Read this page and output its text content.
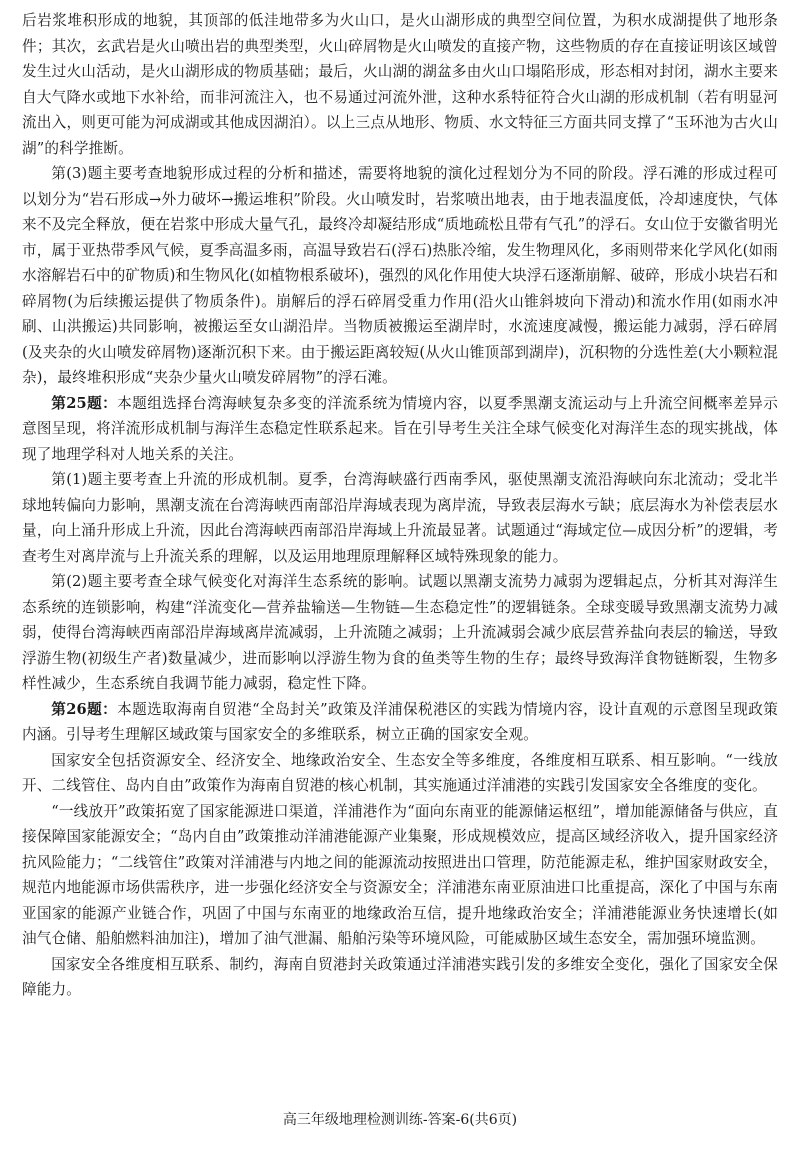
后岩浆堆积形成的地貌，其顶部的低洼地带多为火山口，是火山湖形成的典型空间位置，为积水成湖提供了地形条件；其次，玄武岩是火山喷出岩的典型类型，火山碎屑物是火山喷发的直接产物，这些物质的存在直接证明该区域曾发生过火山活动，是火山湖形成的物质基础；最后，火山湖的湖盆多由火山口塌陷形成，形态相对封闭，湖水主要来自大气降水或地下水补给，而非河流注入，也不易通过河流外泄，这种水系特征符合火山湖的形成机制（若有明显河流出入，则更可能为河成湖或其他成因湖泊）。以上三点从地形、物质、水文特征三方面共同支撑了“玉环池为古火山湖”的科学推断。

第(3)题主要考查地貌形成过程的分析和描述，需要将地貌的演化过程划分为不同的阶段。浮石滩的形成过程可以划分为“岩石形成→外力破坏→搬运堆积”阶段。火山喷发时，岩浆喷出地表，由于地表温度低，冷却速度快，气体来不及完全释放，便在岩浆中形成大量气孔，最终冷却凝结形成“质地疏松且带有气孔”的浮石。女山位于安徽省明光市，属于亚热带季风气候，夏季高温多雨，高温导致岩石(浮石)热胀冷缩，发生物理风化，多雨则带来化学风化(如雨水溶解岩石中的矿物质)和生物风化(如植物根系破坏)，强烈的风化作用使大块浮石逐渐崩解、破碎，形成小块岩石和碎屑物(为后续搬运提供了物质条件)。崩解后的浮石碎屑受重力作用(沿火山锥斜坡向下滑动)和流水作用(如雨水冲刷、山洪搬运)共同影响，被搬运至女山湖沿岸。当物质被搬运至湖岸时，水流速度减慢，搬运能力减弱，浮石碎屑(及夹杂的火山喷发碎屑物)逐渐沉积下来。由于搬运距离较短(从火山锥顶部到湖岸)，沉积物的分选性差(大小颗粒混杂)，最终堆积形成“夹杂少量火山喷发碎屑物”的浮石滩。

第25题：本题组选择台湾海峡复杂多变的洋流系统为情境内容，以夏季黑潮支流运动与上升流空间概率差异示意图呈现，将洋流形成机制与海洋生态稳定性联系起来。旨在引导考生关注全球气候变化对海洋生态的现实挑战，体现了地理学科对人地关系的关注。

第(1)题主要考查上升流的形成机制。夏季，台湾海峡盛行西南季风，驱使黑潮支流沿海峡向东北流动；受北半球地转偏向力影响，黑潮支流在台湾海峡西南部沿岸海域表现为离岸流，导致表层海水亏缺；底层海水为补偿表层水量，向上涌升形成上升流，因此台湾海峡西南部沿岸海域上升流最显著。试题通过“海域定位—成因分析”的逻辑，考查考生对离岸流与上升流关系的理解，以及运用地理原理解释区域特殊现象的能力。

第(2)题主要考查全球气候变化对海洋生态系统的影响。试题以黑潮支流势力减弱为逻辑起点，分析其对海洋生态系统的连锁影响，构建“洋流变化—营养盐输送—生物链—生态稳定性”的逻辑链条。全球变暖导致黑潮支流势力减弱，使得台湾海峡西南部沿岸海域离岸流减弱，上升流随之减弱；上升流减弱会减少底层营养盐向表层的输送，导致浮游生物(初级生产者)数量减少，进而影响以浮游生物为食的鱼类等生物的生存；最终导致海洋食物链断裂，生物多样性减少，生态系统自我调节能力减弱，稳定性下降。

第26题：本题选取海南自贸港“全岛封关”政策及洋浦保税港区的实践为情境内容，设计直观的示意图呈现政策内涵。引导考生理解区域政策与国家安全的多维联系，树立正确的国家安全观。

国家安全包括资源安全、经济安全、地缘政治安全、生态安全等多维度，各维度相互联系、相互影响。“一线放开、二线管住、岛内自由”政策作为海南自贸港的核心机制，其实施通过洋浦港的实践引发国家安全各维度的变化。

“一线放开”政策拓宽了国家能源进口渠道，洋浦港作为“面向东南亚的能源储运枢纽”，增加能源储备与供应，直接保障国家能源安全；“岛内自由”政策推动洋浦港能源产业集聚，形成规模效应，提高区域经济收入，提升国家经济抗风险能力；“二线管住”政策对洋浦港与内地之间的能源流动按照进出口管理，防范能源走私，维护国家财政安全，规范内地能源市场供需秩序，进一步强化经济安全与资源安全；洋浦港东南亚原油进口比重提高，深化了中国与东南亚国家的能源产业链合作，巩固了中国与东南亚的地缘政治互信，提升地缘政治安全；洋浦港能源业务快速增长(如油气仓储、船舶燃料油加注)，增加了油气泄漏、船舶污染等环境风险，可能威胁区域生态安全，需加强环境监测。

国家安全各维度相互联系、制约，海南自贸港封关政策通过洋浦港实践引发的多维安全变化，强化了国家安全保障能力。

高三年级地理检测训练-答案-6(共6页)
